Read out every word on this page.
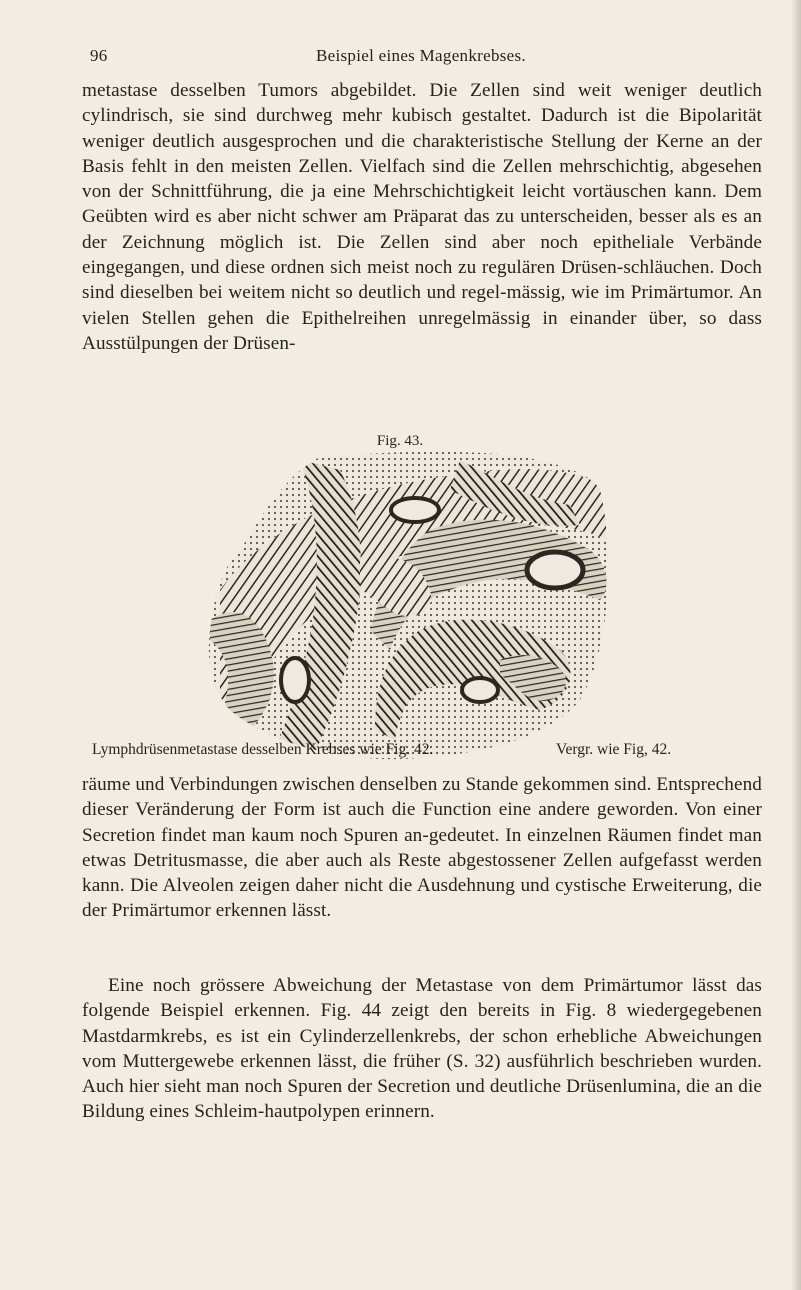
96	Beispiel eines Magenkrebses.

metastase desselben Tumors abgebildet. Die Zellen sind weit weniger deutlich cylindrisch, sie sind durchweg mehr kubisch gestaltet. Dadurch ist die Bipolarität weniger deutlich ausgesprochen und die charakteristische Stellung der Kerne an der Basis fehlt in den meisten Zellen. Vielfach sind die Zellen mehrschichtig, abgesehen von der Schnittführung, die ja eine Mehrschichtigkeit leicht vortäuschen kann. Dem Geübten wird es aber nicht schwer am Präparat das zu unterscheiden, besser als es an der Zeichnung möglich ist. Die Zellen sind aber noch epitheliale Verbände eingegangen, und diese ordnen sich meist noch zu regulären Drüsen-schläuchen. Doch sind dieselben bei weitem nicht so deutlich und regel-mässig, wie im Primärtumor. An vielen Stellen gehen die Epithelreihen unregelmässig in einander über, so dass Ausstülpungen der Drüsen-

Fig. 43.
Lymphdrüsenmetastase desselben Krebses wie Fig. 42.	Vergr. wie Fig, 42.

räume und Verbindungen zwischen denselben zu Stande gekommen sind. Entsprechend dieser Veränderung der Form ist auch die Function eine andere geworden. Von einer Secretion findet man kaum noch Spuren an-gedeutet. In einzelnen Räumen findet man etwas Detritusmasse, die aber auch als Reste abgestossener Zellen aufgefasst werden kann. Die Alveolen zeigen daher nicht die Ausdehnung und cystische Erweiterung, die der Primärtumor erkennen lässt.

Eine noch grössere Abweichung der Metastase von dem Primärtumor lässt das folgende Beispiel erkennen. Fig. 44 zeigt den bereits in Fig. 8 wiedergegebenen Mastdarmkrebs, es ist ein Cylinderzellenkrebs, der schon erhebliche Abweichungen vom Muttergewebe erkennen lässt, die früher (S. 32) ausführlich beschrieben wurden. Auch hier sieht man noch Spuren der Secretion und deutliche Drüsenlumina, die an die Bildung eines Schleim-hautpolypen erinnern.
